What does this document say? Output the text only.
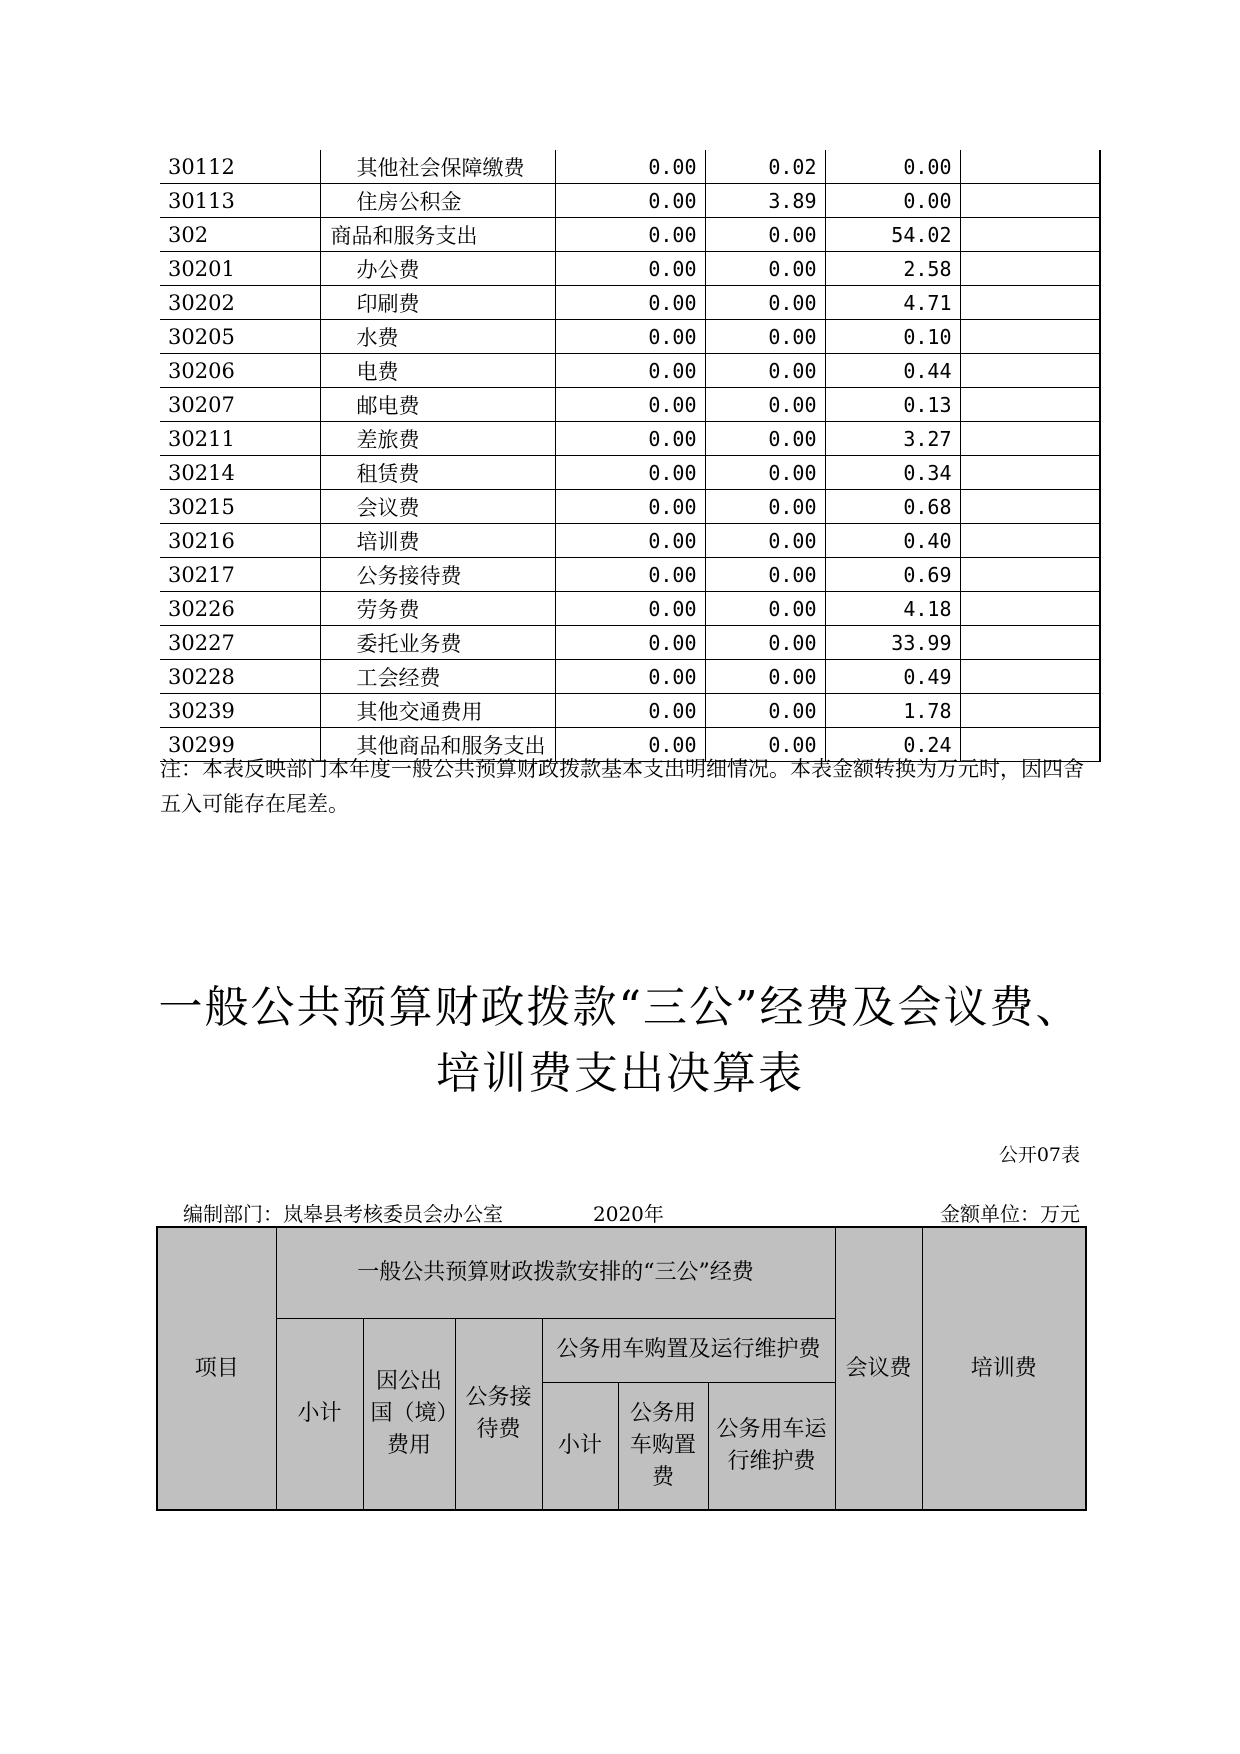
30112	其他社会保障缴费	0.00	0.02	0.00	
30113	住房公积金	0.00	3.89	0.00	
302	商品和服务支出	0.00	0.00	54.02	
30201	办公费	0.00	0.00	2.58	
30202	印刷费	0.00	0.00	4.71	
30205	水费	0.00	0.00	0.10	
30206	电费	0.00	0.00	0.44	
30207	邮电费	0.00	0.00	0.13	
30211	差旅费	0.00	0.00	3.27	
30214	租赁费	0.00	0.00	0.34	
30215	会议费	0.00	0.00	0.68	
30216	培训费	0.00	0.00	0.40	
30217	公务接待费	0.00	0.00	0.69	
30226	劳务费	0.00	0.00	4.18	
30227	委托业务费	0.00	0.00	33.99	
30228	工会经费	0.00	0.00	0.49	
30239	其他交通费用	0.00	0.00	1.78	
30299	其他商品和服务支出	0.00	0.00	0.24	
注：本表反映部门本年度一般公共预算财政拨款基本支出明细情况。本表金额转换为万元时，因四舍五入可能存在尾差。
一般公共预算财政拨款“三公”经费及会议费、
培训费支出决算表
公开07表
编制部门：岚皋县考核委员会办公室	2020年	金额单位：万元
项目	一般公共预算财政拨款安排的“三公”经费						会议费	培训费
	小计	因公出国（境）费用	公务接待费	公务用车购置及运行维护费				
				小计	公务用车购置费	公务用车运行维护费		
